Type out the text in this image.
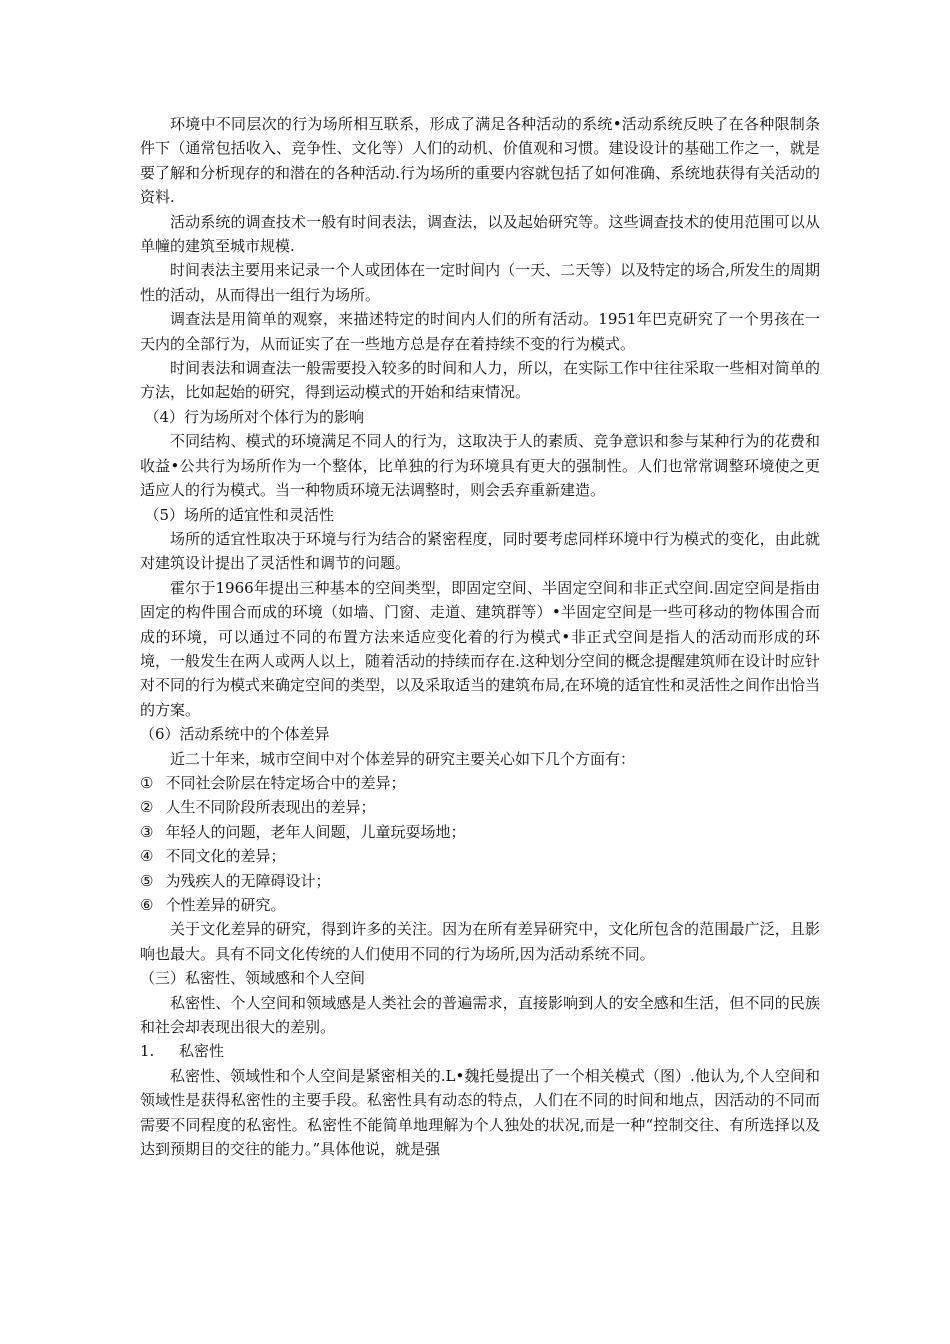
环境中不同层次的行为场所相互联系，形成了满足各种活动的系统•活动系统反映了在各种限制条件下（通常包括收入、竞争性、文化等）人们的动机、价值观和习惯。建设设计的基础工作之一，就是要了解和分析现存的和潜在的各种活动.行为场所的重要内容就包括了如何准确、系统地获得有关活动的资料.

活动系统的调查技术一般有时间表法，调查法，以及起始研究等。这些调查技术的使用范围可以从单幢的建筑至城市规模.

时间表法主要用来记录一个人或团体在一定时间内（一天、二天等）以及特定的场合,所发生的周期性的活动，从而得出一组行为场所。

调查法是用简单的观察，来描述特定的时间内人们的所有活动。1951年巴克研究了一个男孩在一天内的全部行为，从而证实了在一些地方总是存在着持续不变的行为模式。

时间表法和调查法一般需要投入较多的时间和人力，所以，在实际工作中往往采取一些相对简单的方法，比如起始的研究，得到运动模式的开始和结束情况。

（4）行为场所对个体行为的影响

不同结构、模式的环境满足不同人的行为，这取决于人的素质、竞争意识和参与某种行为的花费和收益•公共行为场所作为一个整体，比单独的行为环境具有更大的强制性。人们也常常调整环境使之更适应人的行为模式。当一种物质环境无法调整时，则会丢弃重新建造。

（5）场所的适宜性和灵活性

场所的适宜性取决于环境与行为结合的紧密程度，同时要考虑同样环境中行为模式的变化，由此就对建筑设计提出了灵活性和调节的问题。

霍尔于1966年提出三种基本的空间类型，即固定空间、半固定空间和非正式空间.固定空间是指由固定的构件围合而成的环境（如墙、门窗、走道、建筑群等）•半固定空间是一些可移动的物体围合而成的环境，可以通过不同的布置方法来适应变化着的行为模式•非正式空间是指人的活动而形成的环境，一般发生在两人或两人以上，随着活动的持续而存在.这种划分空间的概念提醒建筑师在设计时应针对不同的行为模式来确定空间的类型，以及采取适当的建筑布局,在环境的适宜性和灵活性之间作出恰当的方案。

（6）活动系统中的个体差异

近二十年来，城市空间中对个体差异的研究主要关心如下几个方面有：

① 不同社会阶层在特定场合中的差异；

② 人生不同阶段所表现出的差异；

③ 年轻人的问题，老年人间题，儿童玩耍场地；

④ 不同文化的差异；

⑤ 为残疾人的无障碍设计；

⑥ 个性差异的研究。

关于文化差异的研究，得到许多的关注。因为在所有差异研究中，文化所包含的范围最广泛，且影响也最大。具有不同文化传统的人们使用不同的行为场所,因为活动系统不同。

（三）私密性、领域感和个人空间

私密性、个人空间和领域感是人类社会的普遍需求，直接影响到人的安全感和生活，但不同的民族和社会却表现出很大的差别。

1. 私密性

私密性、领域性和个人空间是紧密相关的.L•魏托曼提出了一个相关模式（图）.他认为,个人空间和领域性是获得私密性的主要手段。私密性具有动态的特点，人们在不同的时间和地点，因活动的不同而需要不同程度的私密性。私密性不能简单地理解为个人独处的状况,而是一种“控制交往、有所选择以及达到预期目的交往的能力。”具体他说，就是强
